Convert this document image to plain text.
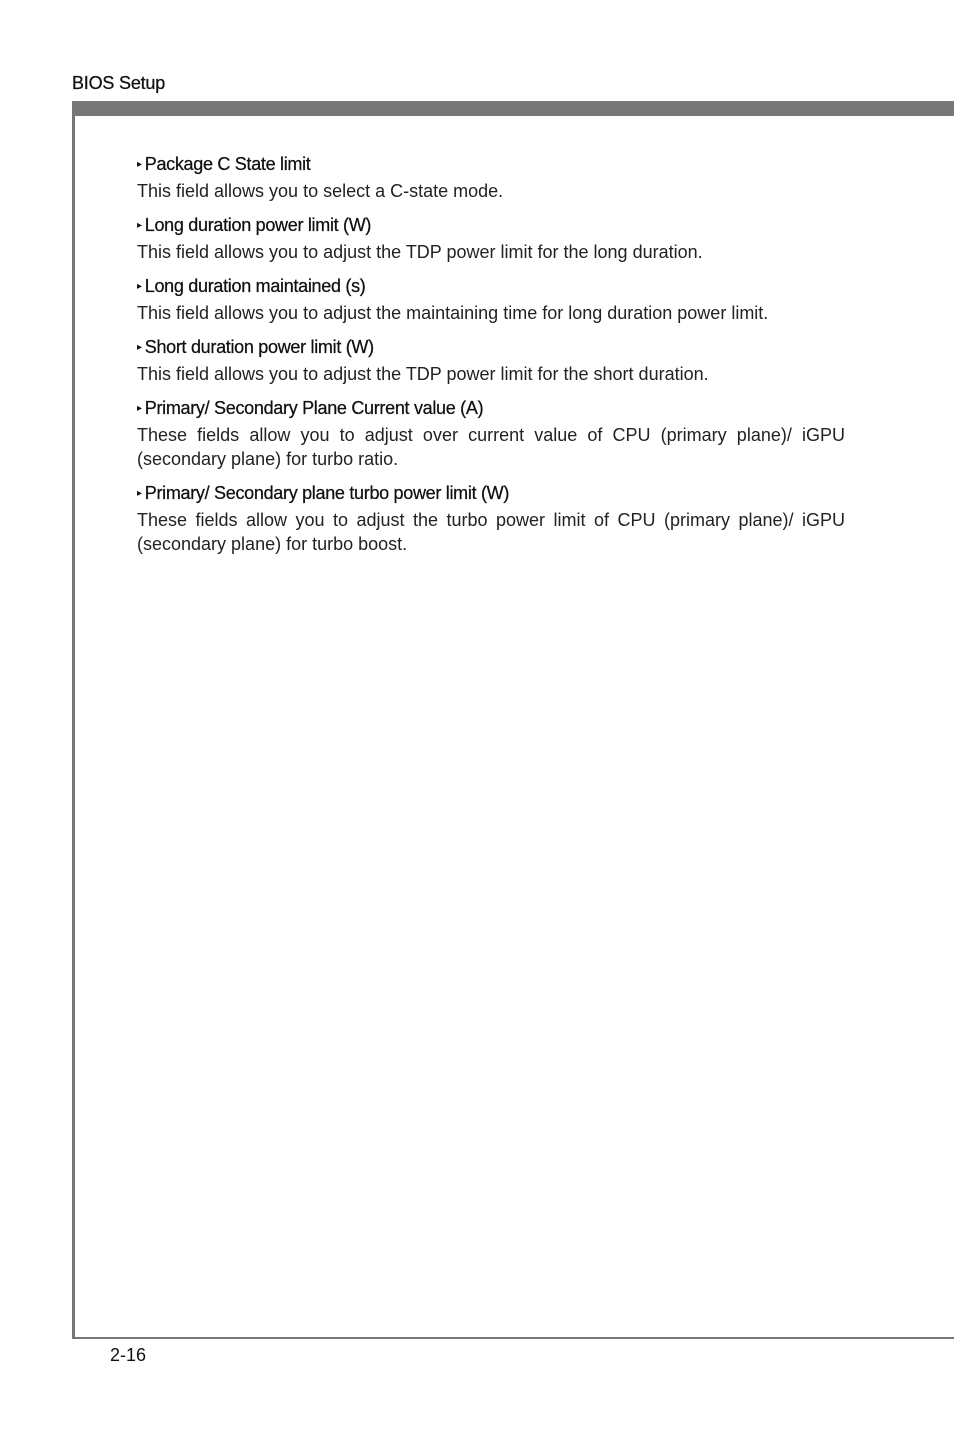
BIOS Setup
▸ Package C State limit

This field allows you to select a C-state mode.

▸ Long duration power limit (W)

This field allows you to adjust the TDP power limit for the long duration.

▸ Long duration maintained (s)

This field allows you to adjust the maintaining time for long duration power limit.

▸ Short duration power limit (W)

This field allows you to adjust the TDP power limit for the short duration.

▸ Primary/ Secondary Plane Current value (A)

These fields allow you to adjust over current value of CPU (primary plane)/ iGPU (secondary plane) for turbo ratio.

▸ Primary/ Secondary plane turbo power limit (W)

These fields allow you to adjust the turbo power limit of CPU (primary plane)/ iGPU (secondary plane) for turbo boost.

2-16
